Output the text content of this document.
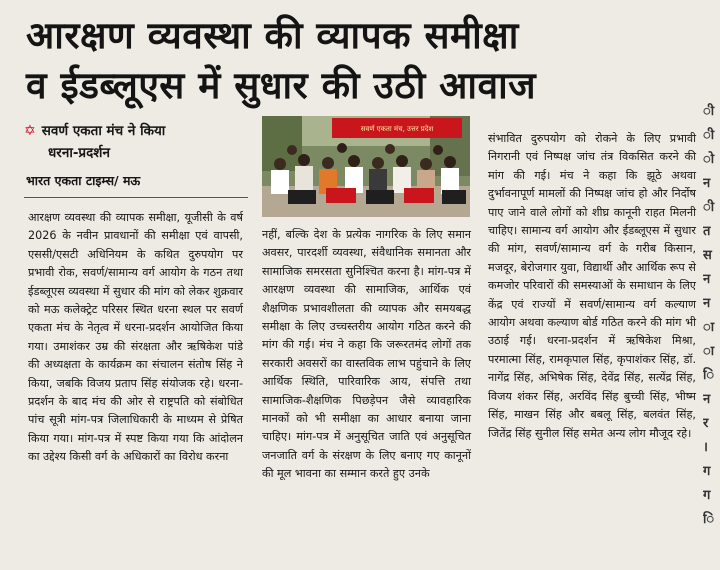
आरक्षण व्यवस्था की व्यापक समीक्षा
व ईडब्लूएस में सुधार की उठी आवाज
✡ सवर्ण एकता मंच ने किया
धरना-प्रदर्शन
भारत एकता टाइम्स/ मऊ
सवर्ण एकता मंच, उत्तर प्रदेश

आरक्षण व्यवस्था की व्यापक समीक्षा, यूजीसी के वर्ष 2026 के नवीन प्रावधानों की समीक्षा एवं वापसी, एससी/एसटी अधिनियम के कथित दुरुपयोग पर प्रभावी रोक, सवर्ण/सामान्य वर्ग आयोग के गठन तथा ईडब्लूएस व्यवस्था में सुधार की मांग को लेकर शुक्रवार को मऊ कलेक्ट्रेट परिसर स्थित धरना स्थल पर सवर्ण एकता मंच के नेतृत्व में धरना-प्रदर्शन आयोजित किया गया। उमाशंकर उम्र की संरक्षता और ऋषिकेश पांडे की अध्यक्षता के कार्यक्रम का संचालन संतोष सिंह ने किया, जबकि विजय प्रताप सिंह संयोजक रहे। धरना-प्रदर्शन के बाद मंच की ओर से राष्ट्रपति को संबोधित पांच सूत्री मांग-पत्र जिलाधिकारी के माध्यम से प्रेषित किया गया। मांग-पत्र में स्पष्ट किया गया कि आंदोलन का उद्देश्य किसी वर्ग के अधिकारों का विरोध करना

नहीं, बल्कि देश के प्रत्येक नागरिक के लिए समान अवसर, पारदर्शी व्यवस्था, संवैधानिक समानता और सामाजिक समरसता सुनिश्चित करना है। मांग-पत्र में आरक्षण व्यवस्था की सामाजिक, आर्थिक एवं शैक्षणिक प्रभावशीलता की व्यापक और समयबद्ध समीक्षा के लिए उच्चस्तरीय आयोग गठित करने की मांग की गई। मंच ने कहा कि जरूरतमंद लोगों तक सरकारी अवसरों का वास्तविक लाभ पहुंचाने के लिए आर्थिक स्थिति, पारिवारिक आय, संपत्ति तथा सामाजिक-शैक्षणिक पिछड़ेपन जैसे व्यावहारिक मानकों को भी समीक्षा का आधार बनाया जाना चाहिए। मांग-पत्र में अनुसूचित जाति एवं अनुसूचित जनजाति वर्ग के संरक्षण के लिए बनाए गए कानूनों की मूल भावना का सम्मान करते हुए उनके

संभावित दुरुपयोग को रोकने के लिए प्रभावी निगरानी एवं निष्पक्ष जांच तंत्र विकसित करने की मांग की गई। मंच ने कहा कि झूठे अथवा दुर्भावनापूर्ण मामलों की निष्पक्ष जांच हो और निर्दोष पाए जाने वाले लोगों को शीघ्र कानूनी राहत मिलनी चाहिए। सामान्य वर्ग आयोग और ईडब्लूएस में सुधार की मांग, सवर्ण/सामान्य वर्ग के गरीब किसान, मजदूर, बेरोजगार युवा, विद्यार्थी और आर्थिक रूप से कमजोर परिवारों की समस्याओं के समाधान के लिए केंद्र एवं राज्यों में सवर्ण/सामान्य वर्ग कल्याण आयोग अथवा कल्याण बोर्ड गठित करने की मांग भी उठाई गई। धरना-प्रदर्शन में ऋषिकेश मिश्रा, परमात्मा सिंह, रामकृपाल सिंह, कृपाशंकर सिंह, डॉ. नागेंद्र सिंह, अभिषेक सिंह, देवेंद्र सिंह, सत्येंद्र सिंह, विजय शंकर सिंह, अरविंद सिंह बुच्ची सिंह, भीष्म सिंह, माखन सिंह और बबलू सिंह, बलवंत सिंह, जितेंद्र सिंह सुनील सिंह समेत अन्य लोग मौजूद रहे।

ी
ी
ो
न
ी
त
स
न
न
ा
ा
ि
न
र
।
ग
ग
ि
